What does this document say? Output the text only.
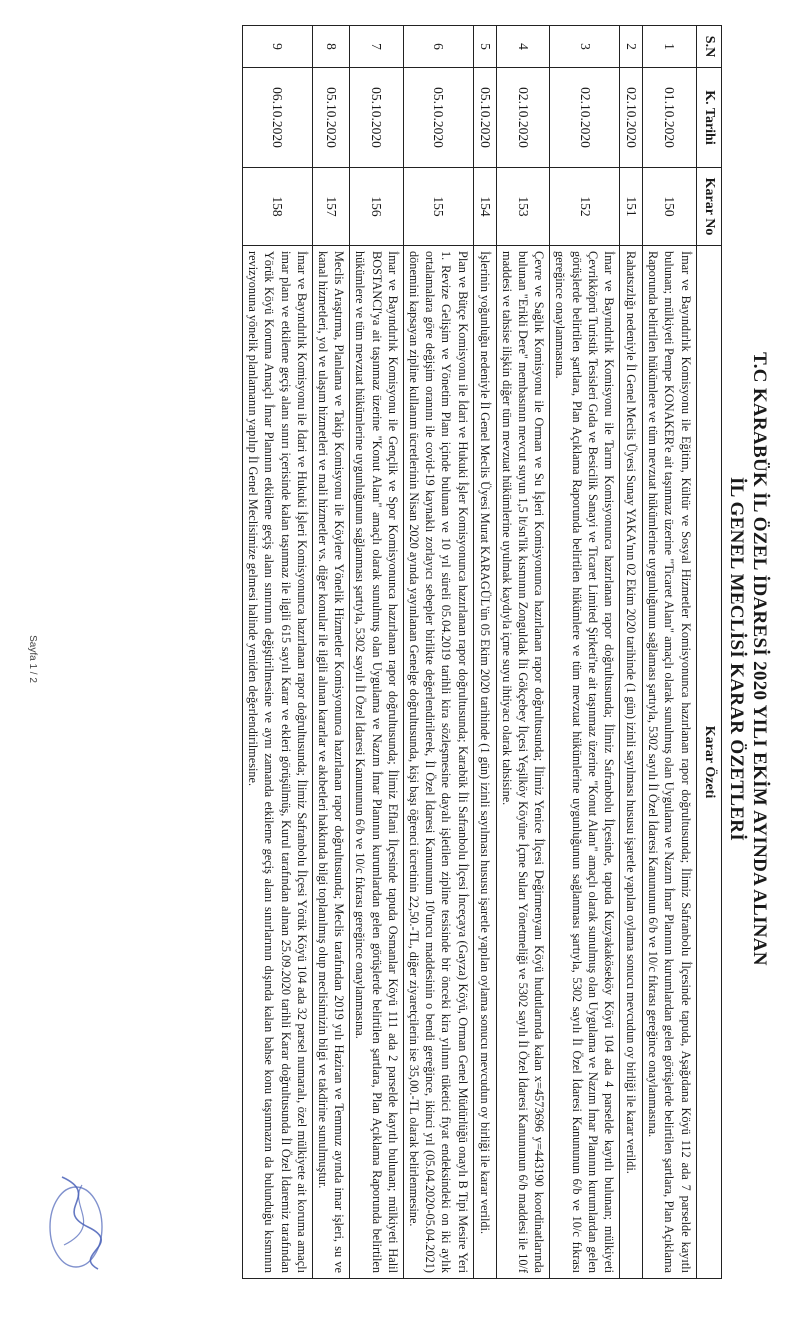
T.C KARABÜK İL ÖZEL İDARESİ 2020 YILI EKİM AYINDA ALINAN
İL GENEL MECLİSİ KARAR ÖZETLERİ
S.N	K. Tarihi	Karar No	Karar Özeti
1	01.10.2020	150	İmar ve Bayındırlık Komisyonu ile Eğitim, Kültür ve Sosyal Hizmetler Komisyonunca hazırlanan rapor doğrultusunda; İlimiz Safranbolu İlçesinde tapuda, Aşağıdana Köyü 112 ada 7 parselde kayıtlı bulunan; mülkiyeti Pempe KONAKER'e ait taşınmaz üzerine "Ticaret Alanı" amaçlı olarak sunulmuş olan Uygulama ve Nazım İmar Planının kurumlardan gelen görüşlerde belirtilen şartlara, Plan Açıklama Raporunda belirtilen hükümlere ve tüm mevzuat hükümlerine uygunluğunun sağlaması şartıyla, 5302 sayılı İl Özel İdaresi Kanununun 6/b ve 10/c fıkrası gereğince onaylanmasına.
2	02.10.2020	151	Rahatsızlığı nedeniyle İl Genel Meclis Üyesi Sunay YAKA'nın 02 Ekim 2020 tarihinde (1 gün) izinli sayılması hususu işaretle yapılan oylama sonucu mevcudun oy birliği ile karar verildi.
3	02.10.2020	152	İmar ve Bayındırlık Komisyonu ile Tarım Komisyonunca hazırlanan rapor doğrultusunda; İlimiz Safranbolu İlçesinde, tapuda Kuzyakaköseköy Köyü 104 ada 4 parselde kayıtlı bulunan; mülkiyeti Çevrikköprü Turistik Tesisleri Gıda ve Besicilik Sanayi ve Ticaret Limited Şirketi'ne ait taşınmaz üzerine "Konut Alanı" amaçlı olarak sunulmuş olan Uygulama ve Nazım İmar Planının kurumlardan gelen görüşlerde belirtilen şartlara, Plan Açıklama Raporunda belirtilen hükümlere ve tüm mevzuat hükümlerine uygunluğunun sağlanması şartıyla, 5302 sayılı İl Özel İdaresi Kanununun 6/b ve 10/c fıkrası gereğince onaylanmasına.
4	02.10.2020	153	Çevre ve Sağlık Komisyonu ile Orman ve Su İşleri Komisyonunca hazırlanan rapor doğrultusunda; İlimiz Yenice İlçesi Değirmenyanı Köyü hudutlarında kalan x=4573696 y=443190 koordinatlarında bulunan "Erikli Dere" membasının mevcut suyun 1,5 lt/sn'lik kısmının Zonguldak İli Gökçebey İlçesi Yeşilköy Köyüne İçme Suları Yönetmeliği ve 5302 sayılı İl Özel İdaresi Kanununun 6/b maddesi ile 10/f maddesi ve tahsise ilişkin diğer tüm mevzuat hükümlerine uyulmak kaydıyla içme suyu ihtiyacı olarak tahsisine.
5	05.10.2020	154	İşlerinin yoğunluğu nedeniyle İl Genel Meclis Üyesi Murat KARAGÜL'ün 05 Ekim 2020 tarihinde (1 gün) izinli sayılması hususu işaretle yapılan oylama sonucu mevcudun oy birliği ile karar verildi.
6	05.10.2020	155	Plan ve Bütçe Komisyonu ile İdari ve Hukuki İşler Komisyonunca hazırlanan rapor doğrultusunda; Karabük İli Safranbolu İlçesi İnceçaya (Gayza) Köyü, Orman Genel Müdürlüğü onaylı B Tipi Mesire Yeri 1. Revize Gelişim ve Yönetim Planı içinde bulunan ve 10 yıl süreli 05.04.2019 tarihli kira sözleşmesine dayalı işletilen zipline tesisinde bir önceki kira yılının tüketici fiyat endeksindeki on iki aylık ortalamalara göre değişim oranını ile covid-19 kaynaklı zorlayıcı sebepler birlikte değerlendirilerek, İl Özel İdaresi Kanununun 10'uncu maddesinin o bendi gereğince, ikinci yıl (05.04.2020-05.04.2021) dönemini kapsayan zipline kullanım ücretlerinin Nisan 2020 ayında yayınlanan Genelge doğrultusunda, kişi başı öğrenci ücretinin 22,50.-TL, diğer ziyaretçilerin ise 35,00.-TL olarak belirlenmesine.
7	05.10.2020	156	İmar ve Bayındırlık Komisyonu ile Gençlik ve Spor Komisyonunca hazırlanan rapor doğrultusunda; İlimiz Eflani İlçesinde tapuda Osmanlar Köyü 111 ada 2 parselde kayıtlı bulunan; mülkiyeti Halil BOSTANCI'ya ait taşınmaz üzerine "Konut Alanı" amaçlı olarak sunulmuş olan Uygulama ve Nazım İmar Planının kurumlardan gelen görüşlerde belirtilen şartlara, Plan Açıklama Raporunda belirtilen hükümlere ve tüm mevzuat hükümlerine uygunluğunun sağlanması şartıyla, 5302 sayılı İl Özel İdaresi Kanununun 6/b ve 10/c fıkrası gereğince onaylanmasına.
8	05.10.2020	157	Meclis Araştırma, Planlama ve Takip Komisyonu ile Köylere Yönelik Hizmetler Komisyonunca hazırlanan rapor doğrultusunda; Meclis tarafından 2019 yılı Haziran ve Temmuz ayında imar işleri, su ve kanal hizmetleri, yol ve ulaşım hizmetleri ve mali hizmetler vs. diğer konular ile ilgili alınan kararlar ve akıbetleri hakkında bilgi toplanılmış olup meclisimizin bilgi ve takdirine sunulmuştur.
9	06.10.2020	158	İmar ve Bayındırlık Komisyonu ile İdari ve Hukuki İşleri Komisyonunca hazırlanan rapor doğrultusunda; İlimiz Safranbolu İlçesi Yörük Köyü 104 ada 32 parsel numaralı, özel mülkiyete ait koruma amaçlı imar planı ve etkileme geçiş alanı sınırı içerisinde kalan taşınmaz ile ilgili 615 sayılı Karar ve ekleri görüşülmüş, Kurul tarafından alınan 25.09.2020 tarihli Karar doğrultusunda İl Özel İdaremiz tarafından Yörük Köyü Koruma Amaçlı İmar Planının etkileme geçiş alanı sınırının değiştirilmesine ve aynı zamanda etkileme geçiş alanı sınırlarının dışında kalan bahse konu taşınmazın da bulunduğu kısmının revizyonuna yönelik planlamanın yapılıp İl Genel Meclisimize gelmesi halinde yeniden değerlendirilmesine.
Sayfa 1 / 2
